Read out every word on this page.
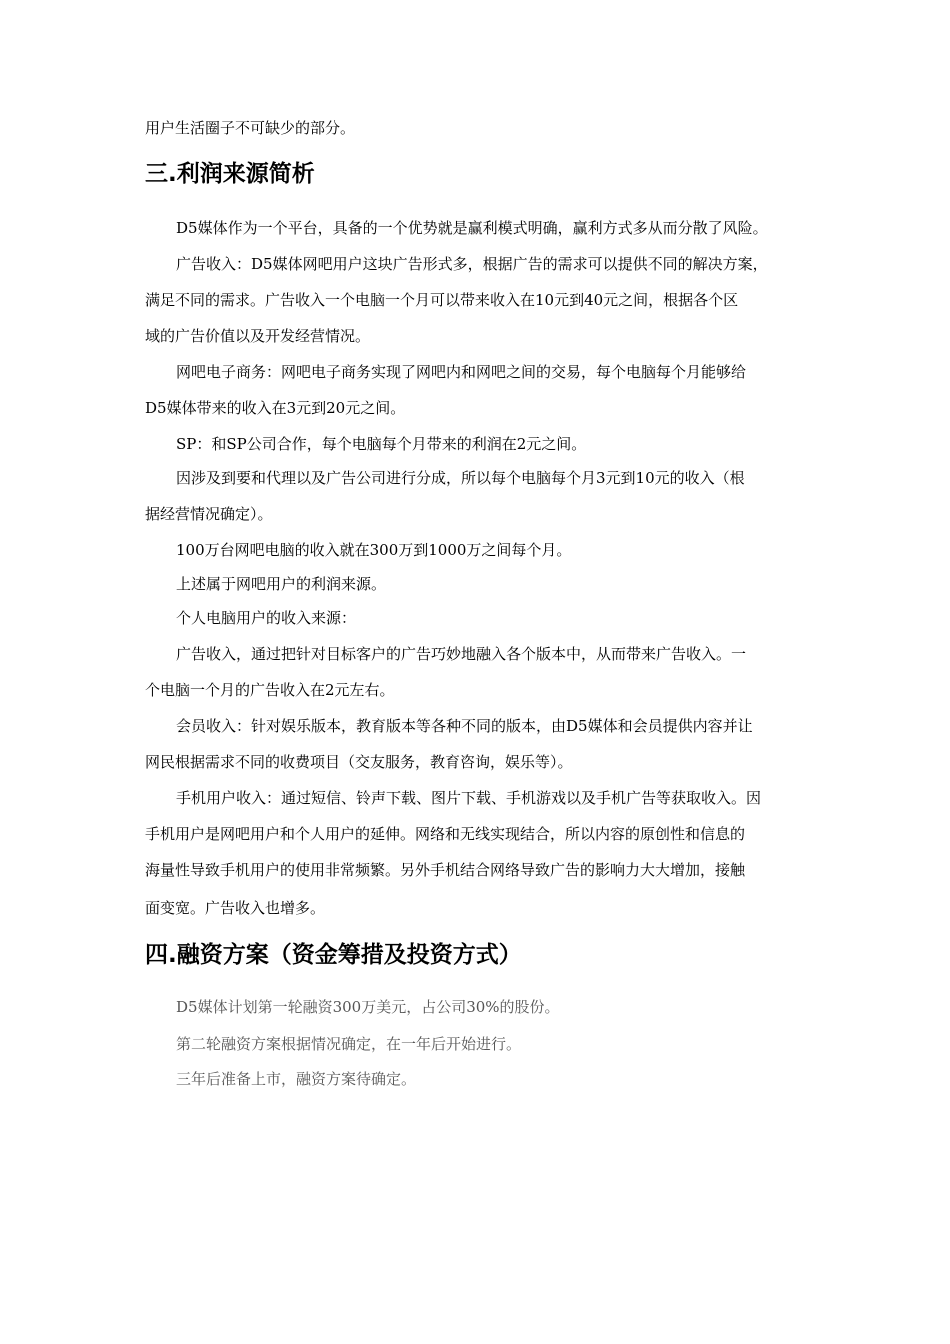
用户生活圈子不可缺少的部分。

三.利润来源简析

D5媒体作为一个平台，具备的一个优势就是赢利模式明确，赢利方式多从而分散了风险。

广告收入：D5媒体网吧用户这块广告形式多，根据广告的需求可以提供不同的解决方案，

满足不同的需求。广告收入一个电脑一个月可以带来收入在10元到40元之间，根据各个区

域的广告价值以及开发经营情况。

网吧电子商务：网吧电子商务实现了网吧内和网吧之间的交易，每个电脑每个月能够给

D5媒体带来的收入在3元到20元之间。

SP：和SP公司合作，每个电脑每个月带来的利润在2元之间。

因涉及到要和代理以及广告公司进行分成，所以每个电脑每个月3元到10元的收入（根

据经营情况确定）。

100万台网吧电脑的收入就在300万到1000万之间每个月。

上述属于网吧用户的利润来源。

个人电脑用户的收入来源：

广告收入，通过把针对目标客户的广告巧妙地融入各个版本中，从而带来广告收入。一

个电脑一个月的广告收入在2元左右。

会员收入：针对娱乐版本，教育版本等各种不同的版本，由D5媒体和会员提供内容并让

网民根据需求不同的收费项目（交友服务，教育咨询，娱乐等）。

手机用户收入：通过短信、铃声下载、图片下载、手机游戏以及手机广告等获取收入。因

手机用户是网吧用户和个人用户的延伸。网络和无线实现结合，所以内容的原创性和信息的

海量性导致手机用户的使用非常频繁。另外手机结合网络导致广告的影响力大大增加，接触

面变宽。广告收入也增多。

四.融资方案（资金筹措及投资方式）

D5媒体计划第一轮融资300万美元，占公司30%的股份。

第二轮融资方案根据情况确定，在一年后开始进行。

三年后准备上市，融资方案待确定。
